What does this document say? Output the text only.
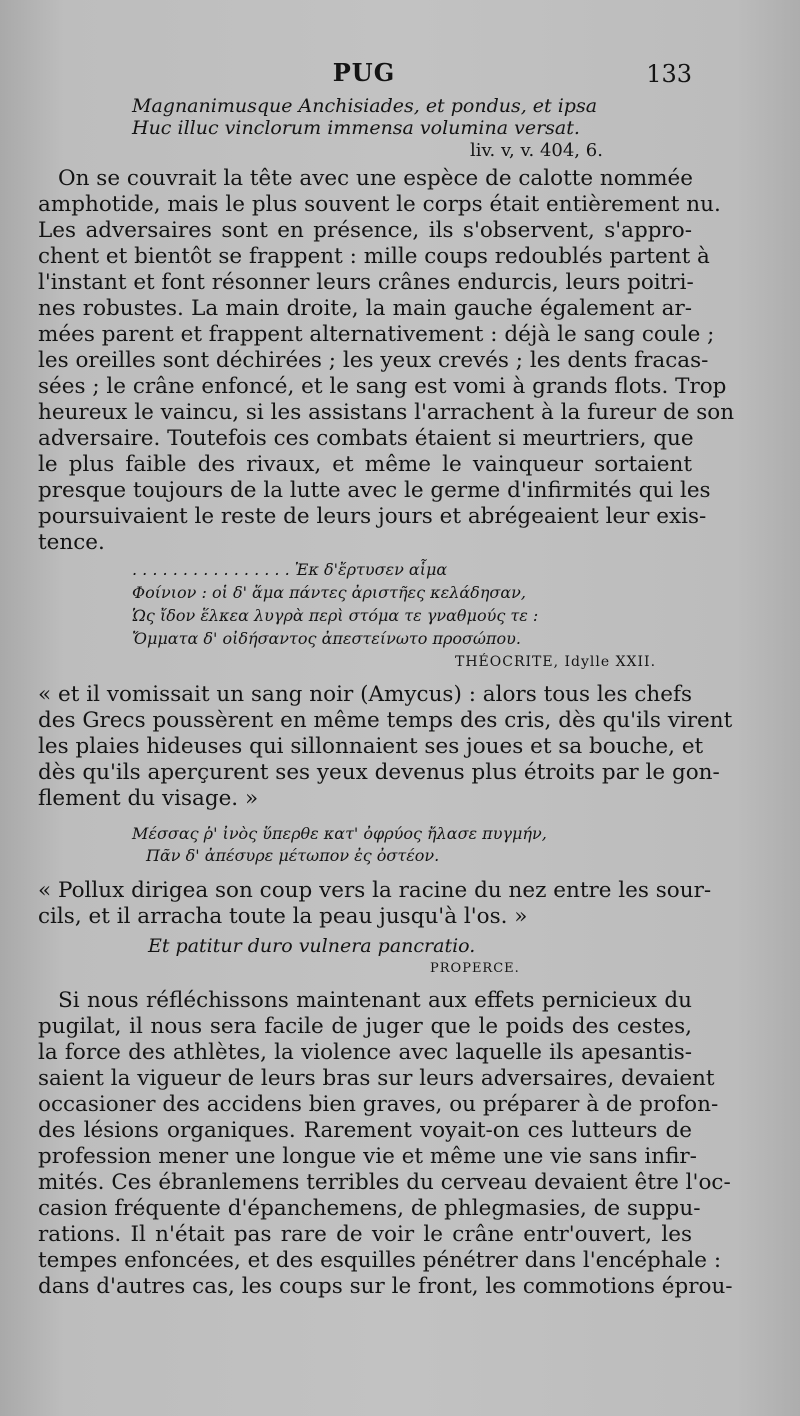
PUG	133
Magnanimusque Anchisiades, et pondus, et ipsa
Huc illuc vinclorum immensa volumina versat.
liv. v, v. 404, 6.
On se couvrait la tête avec une espèce de calotte nommée
amphotide, mais le plus souvent le corps était entièrement nu.
Les adversaires sont en présence, ils s'observent, s'appro-
chent et bientôt se frappent : mille coups redoublés partent à
l'instant et font résonner leurs crânes endurcis, leurs poitri-
nes robustes. La main droite, la main gauche également ar-
mées parent et frappent alternativement : déjà le sang coule ;
les oreilles sont déchirées ; les yeux crevés ; les dents fracas-
sées ; le crâne enfoncé, et le sang est vomi à grands flots. Trop
heureux le vaincu, si les assistans l'arrachent à la fureur de son
adversaire. Toutefois ces combats étaient si meurtriers, que
le plus faible des rivaux, et même le vainqueur sortaient
presque toujours de la lutte avec le germe d'infirmités qui les
poursuivaient le reste de leurs jours et abrégeaient leur exis-
tence.
. . . . . . . . . . . . . . . . Ἐκ δ'ἔρτυσεν αἷμα
Φοίνιον : οἱ δ' ἅμα πάντες ἀριστῆες κελάδησαν,
Ὡς ἴδον ἕλκεα λυγρὰ περὶ στόμα τε γναθμούς τε :
Ὄμματα δ' οἰδήσαντος ἀπεστείνωτο προσώπου.
THÉOCRITE, Idylle XXII.
« et il vomissait un sang noir (Amycus) : alors tous les chefs
des Grecs poussèrent en même temps des cris, dès qu'ils virent
les plaies hideuses qui sillonnaient ses joues et sa bouche, et
dès qu'ils aperçurent ses yeux devenus plus étroits par le gon-
flement du visage. »
Μέσσας ῥ' ἰνὸς ὕπερθε κατ' ὀφρύος ἤλασε πυγμήν,
Πᾶν δ' ἀπέσυρε μέτωπον ἐς ὀστέον.
« Pollux dirigea son coup vers la racine du nez entre les sour-
cils, et il arracha toute la peau jusqu'à l'os. »
Et patitur duro vulnera pancratio.
PROPERCE.
Si nous réfléchissons maintenant aux effets pernicieux du
pugilat, il nous sera facile de juger que le poids des cestes,
la force des athlètes, la violence avec laquelle ils apesantis-
saient la vigueur de leurs bras sur leurs adversaires, devaient
occasioner des accidens bien graves, ou préparer à de profon-
des lésions organiques. Rarement voyait-on ces lutteurs de
profession mener une longue vie et même une vie sans infir-
mités. Ces ébranlemens terribles du cerveau devaient être l'oc-
casion fréquente d'épanchemens, de phlegmasies, de suppu-
rations. Il n'était pas rare de voir le crâne entr'ouvert, les
tempes enfoncées, et des esquilles pénétrer dans l'encéphale :
dans d'autres cas, les coups sur le front, les commotions éprou-
